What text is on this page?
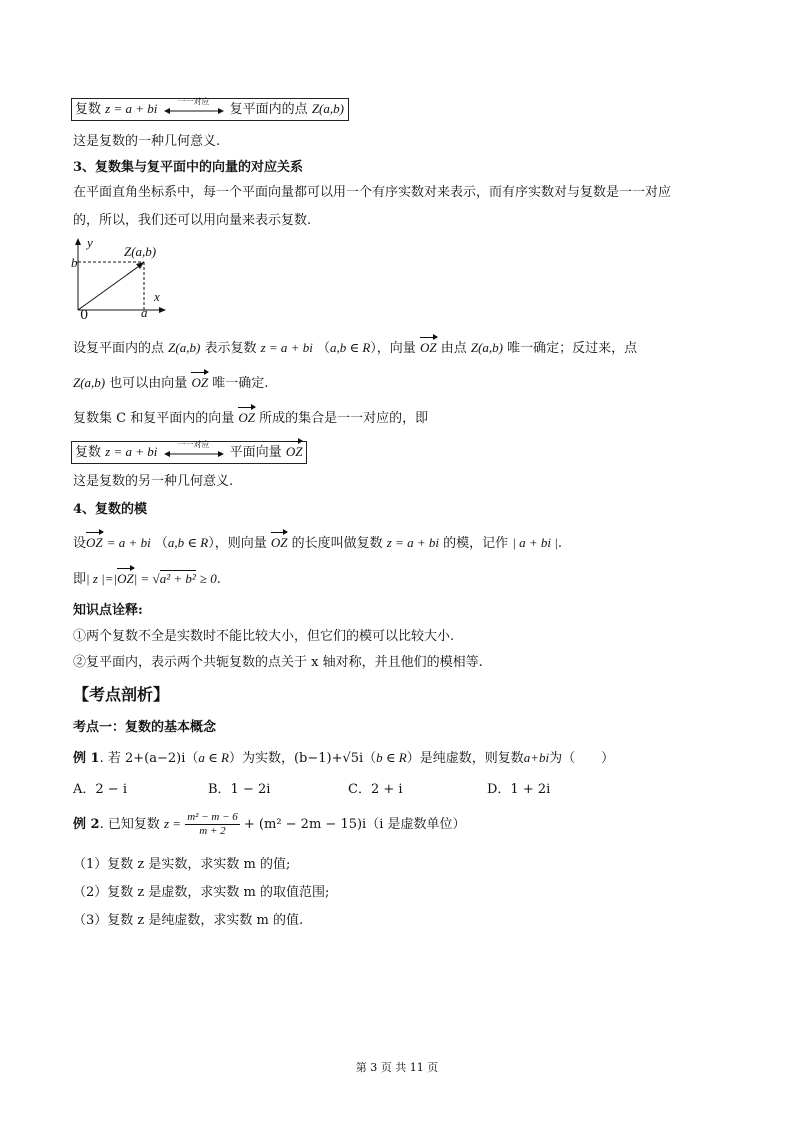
复数 z = a + bi	一一对应
复平面内的点 Z(a,b)
这是复数的一种几何意义.
3、复数集与复平面中的向量的对应关系
在平面直角坐标系中，每一个平面向量都可以用一个有序实数对来表示，而有序实数对与复数是一一对应
的，所以，我们还可以用向量来表示复数.
y
x
b
a
0
Z(a,b)
设复平面内的点 Z(a,b) 表示复数 z = a + bi （a,b ∈ R），向量 OZ 由点 Z(a,b) 唯一确定；反过来，点
Z(a,b) 也可以由向量 OZ 唯一确定.
复数集 C 和复平面内的向量 OZ 所成的集合是一一对应的，即
复数 z = a + bi	一一对应
平面向量 OZ
这是复数的另一种几何意义.
4、复数的模
设OZ = a + bi （a,b ∈ R），则向量 OZ 的长度叫做复数 z = a + bi 的模，记作 | a + bi |.
即| z |=|OZ| = √a² + b² ≥ 0.
知识点诠释:
①两个复数不全是实数时不能比较大小，但它们的模可以比较大小.
②复平面内，表示两个共轭复数的点关于 x 轴对称，并且他们的模相等.
【考点剖析】
考点一：复数的基本概念
例 1. 若 2+(a−2)i（a ∈ R）为实数，(b−1)+√5i（b ∈ R）是纯虚数，则复数a+bi为（　　）
A．2 − i	B．1 − 2i	C．2 + i	D．1 + 2i
例 2. 已知复数 $z = \frac{\text{m² − m − 6}}{m + 2} + (m^2 - 2m - 15)i(i$ 是虚数单位）
（1）复数 z 是实数，求实数 m 的值;
（2）复数 z 是虚数，求实数 m 的取值范围;
（3）复数 z 是纯虚数，求实数 m 的值.
第 3 页 共 11 页
